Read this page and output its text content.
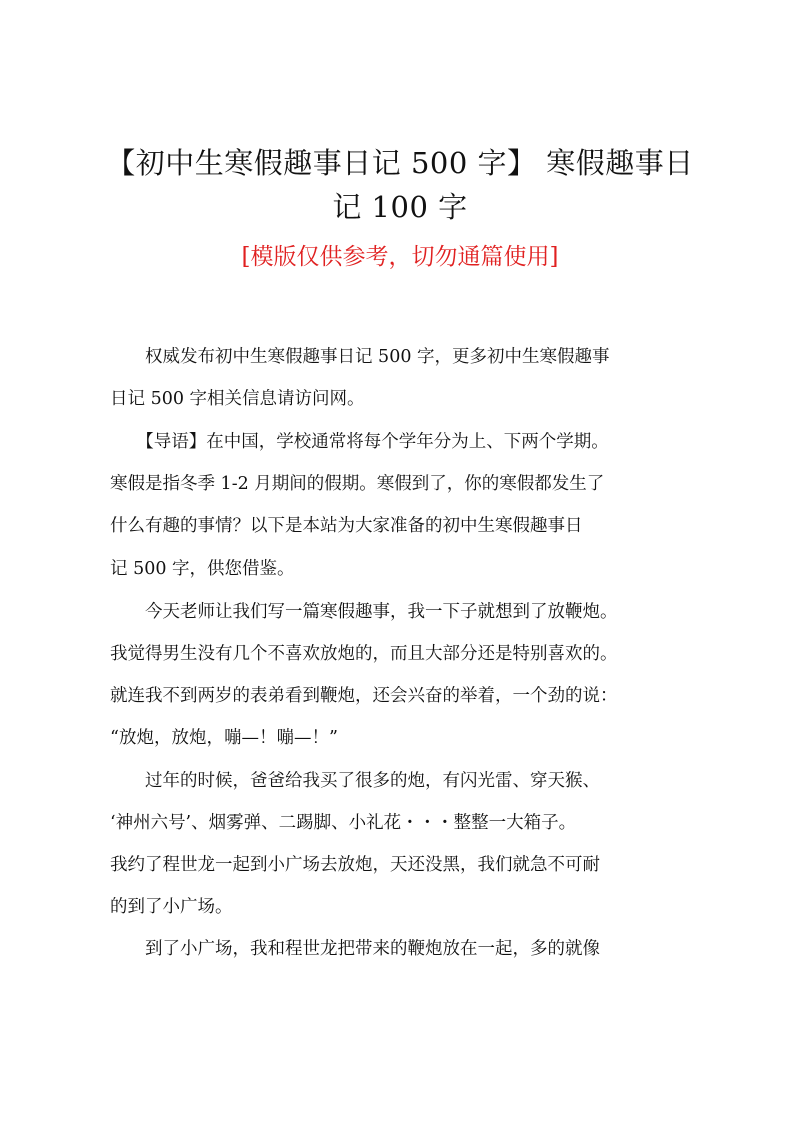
【初中生寒假趣事日记 500 字】 寒假趣事日
记 100 字
[模版仅供参考，切勿通篇使用]
　　权威发布初中生寒假趣事日记 500 字，更多初中生寒假趣事
日记 500 字相关信息请访问网。
　　【导语】在中国，学校通常将每个学年分为上、下两个学期。
寒假是指冬季 1-2 月期间的假期。寒假到了，你的寒假都发生了
什么有趣的事情？以下是本站为大家准备的初中生寒假趣事日
记 500 字，供您借鉴。
　　今天老师让我们写一篇寒假趣事，我一下子就想到了放鞭炮。
我觉得男生没有几个不喜欢放炮的，而且大部分还是特别喜欢的。
就连我不到两岁的表弟看到鞭炮，还会兴奋的举着，一个劲的说：
“放炮，放炮，嘣—！嘣—！”
　　过年的时候，爸爸给我买了很多的炮，有闪光雷、穿天猴、
‘神州六号’、烟雾弹、二踢脚、小礼花・・・整整一大箱子。
我约了程世龙一起到小广场去放炮，天还没黑，我们就急不可耐
的到了小广场。
　　到了小广场，我和程世龙把带来的鞭炮放在一起，多的就像
